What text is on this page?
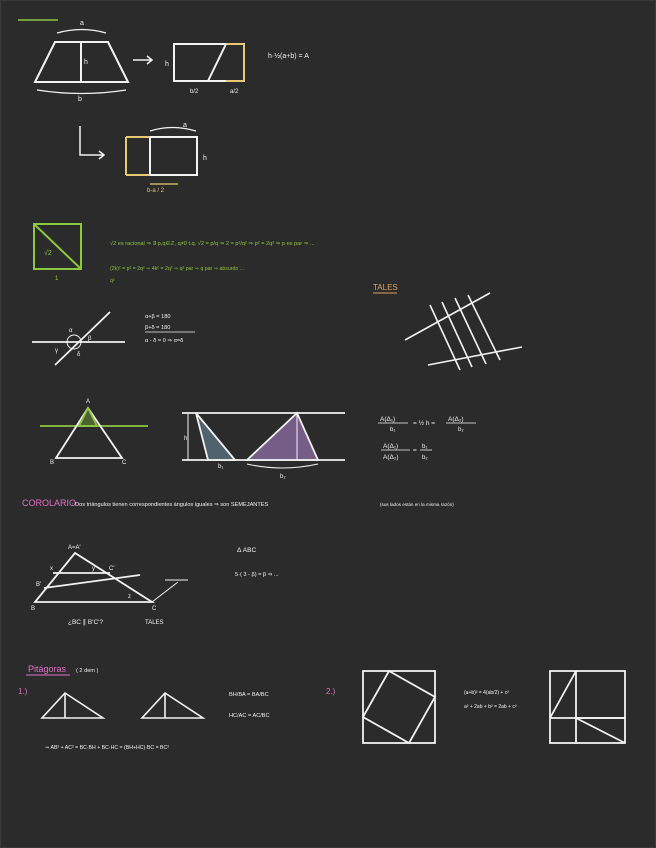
a
b
h	h
b/2	a/2
h·½(a+b) = A
a
h
b-a / 2
√2
1
√2 es racional ⇒ ∃ p,q∈ℤ, q≠0 t.q. √2 = p/q ⇒ 2 = p²/q² ⇒ p² = 2q² ⇒ p es par ⇒ ...
(2k)² = p² = 2q² ⇒ 4k² = 2q² ⇒ q² par ⇒ q par ⇒ absurdo ...
q²
TALES
α
β
γ
δ
α+β = 180
β+δ = 180
α - δ = 0 ⇒ α=δ
A
B	C
h
b₁
b₂
A(Δ₁)
b₁
= ½ h =
A(Δ₂)
b₂
A(Δ₁)
A(Δ₂)
= b₁
b₂
COROLARIO
: Dos triángulos tienen correspondientes ángulos iguales ⇒ son SEMEJANTES	(sus lados están en la misma razón)
A=A'
B	C
C'
B'
x	y
z
Δ ABC
5·( 3 - β) = β ⇒ ...
¿BC ∥ B'C'?	TALES
Pitágoras ( 2 dem )
1.)	BH/BA = BA/BC
HC/AC = AC/BC
⇒ AB² + AC² = BC·BH + BC·HC = (BH+HC)·BC = BC²
2.)	(a+b)² = 4(ab/2) + c²
a² + 2ab + b² = 2ab + c²
